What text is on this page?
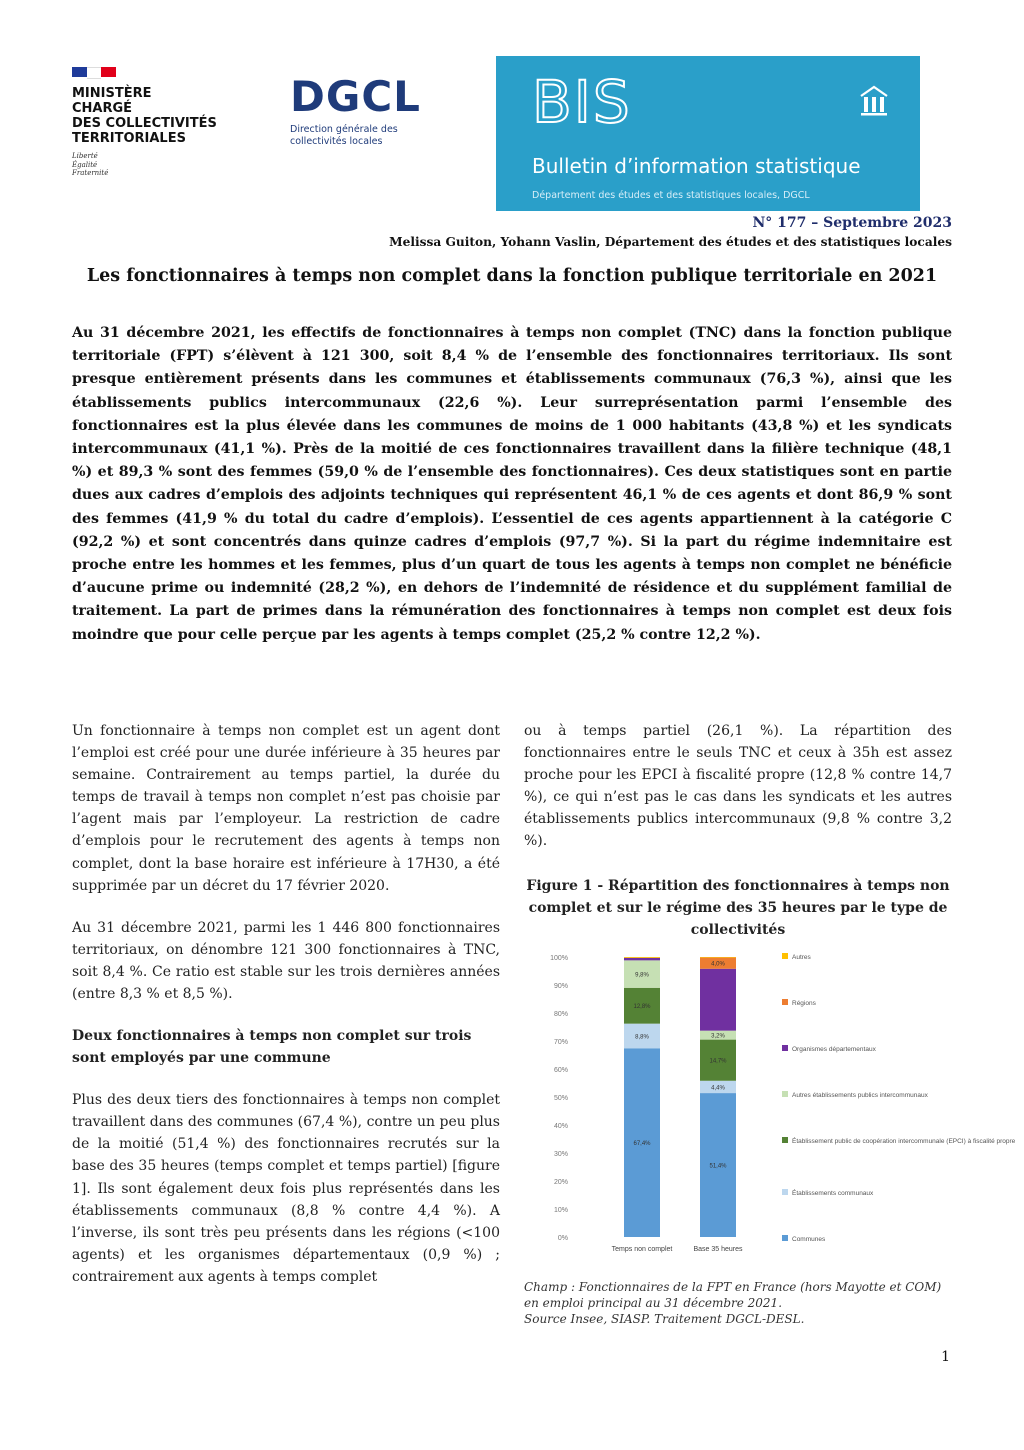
MINISTÈRE
CHARGÉ
DES COLLECTIVITÉS
TERRITORIALES
Liberté
Égalité
Fraternité
DGCL
Direction générale des collectivités locales
BIS
Bulletin d’information statistique
Département des études et des statistiques locales, DGCL
N° 177 – Septembre 2023
Melissa Guiton, Yohann Vaslin, Département des études et des statistiques locales
Les fonctionnaires à temps non complet dans la fonction publique territoriale en 2021
Au 31 décembre 2021, les effectifs de fonctionnaires à temps non complet (TNC) dans la fonction publique territoriale (FPT) s’élèvent à 121 300, soit 8,4 % de l’ensemble des fonctionnaires territoriaux. Ils sont presque entièrement présents dans les communes et établissements communaux (76,3 %), ainsi que les établissements publics intercommunaux (22,6 %). Leur surreprésentation parmi l’ensemble des fonctionnaires est la plus élevée dans les communes de moins de 1 000 habitants (43,8 %) et les syndicats intercommunaux (41,1 %). Près de la moitié de ces fonctionnaires travaillent dans la filière technique (48,1 %) et 89,3 % sont des femmes (59,0 % de l’ensemble des fonctionnaires). Ces deux statistiques sont en partie dues aux cadres d’emplois des adjoints techniques qui représentent 46,1 % de ces agents et dont 86,9 % sont des femmes (41,9 % du total du cadre d’emplois). L’essentiel de ces agents appartiennent à la catégorie C (92,2 %) et sont concentrés dans quinze cadres d’emplois (97,7 %). Si la part du régime indemnitaire est proche entre les hommes et les femmes, plus d’un quart de tous les agents à temps non complet ne bénéficie d’aucune prime ou indemnité (28,2 %), en dehors de l’indemnité de résidence et du supplément familial de traitement. La part de primes dans la rémunération des fonctionnaires à temps non complet est deux fois moindre que pour celle perçue par les agents à temps complet (25,2 % contre 12,2 %).

Un fonctionnaire à temps non complet est un agent dont l’emploi est créé pour une durée inférieure à 35 heures par semaine. Contrairement au temps partiel, la durée du temps de travail à temps non complet n’est pas choisie par l’agent mais par l’employeur. La restriction de cadre d’emplois pour le recrutement des agents à temps non complet, dont la base horaire est inférieure à 17H30, a été supprimée par un décret du 17 février 2020.

Au 31 décembre 2021, parmi les 1 446 800 fonctionnaires territoriaux, on dénombre 121 300 fonctionnaires à TNC, soit 8,4 %. Ce ratio est stable sur les trois dernières années (entre 8,3 % et 8,5 %).

Deux fonctionnaires à temps non complet sur trois sont employés par une commune

Plus des deux tiers des fonctionnaires à temps non complet travaillent dans des communes (67,4 %), contre un peu plus de la moitié (51,4 %) des fonctionnaires recrutés sur la base des 35 heures (temps complet et temps partiel) [figure 1]. Ils sont également deux fois plus représentés dans les établissements communaux (8,8 % contre 4,4 %). A l’inverse, ils sont très peu présents dans les régions (<100 agents) et les organismes départementaux (0,9 %) ; contrairement aux agents à temps complet

ou à temps partiel (26,1 %). La répartition des fonctionnaires entre le seuls TNC et ceux à 35h est assez proche pour les EPCI à fiscalité propre (12,8 % contre 14,7 %), ce qui n’est pas le cas dans les syndicats et les autres établissements publics intercommunaux (9,8 % contre 3,2 %).

Figure 1 - Répartition des fonctionnaires à temps non complet et sur le régime des 35 heures par le type de collectivités
0%
10%
20%
30%
40%
50%
60%
70%
80%
90%
100%
67,4%
8,8%
12,8%
9,8%
Temps non complet
51,4%
4,4%
14,7%
3,2%
4,0%
Base 35 heures
Autres
Régions
Organismes départementaux
Autres établissements publics intercommunaux
Établissement public de coopération intercommunale (EPCI) à fiscalité propre
Établissements communaux
Communes
Champ : Fonctionnaires de la FPT en France (hors Mayotte et COM) en emploi principal au 31 décembre 2021.
Source Insee, SIASP. Traitement DGCL-DESL.
1
